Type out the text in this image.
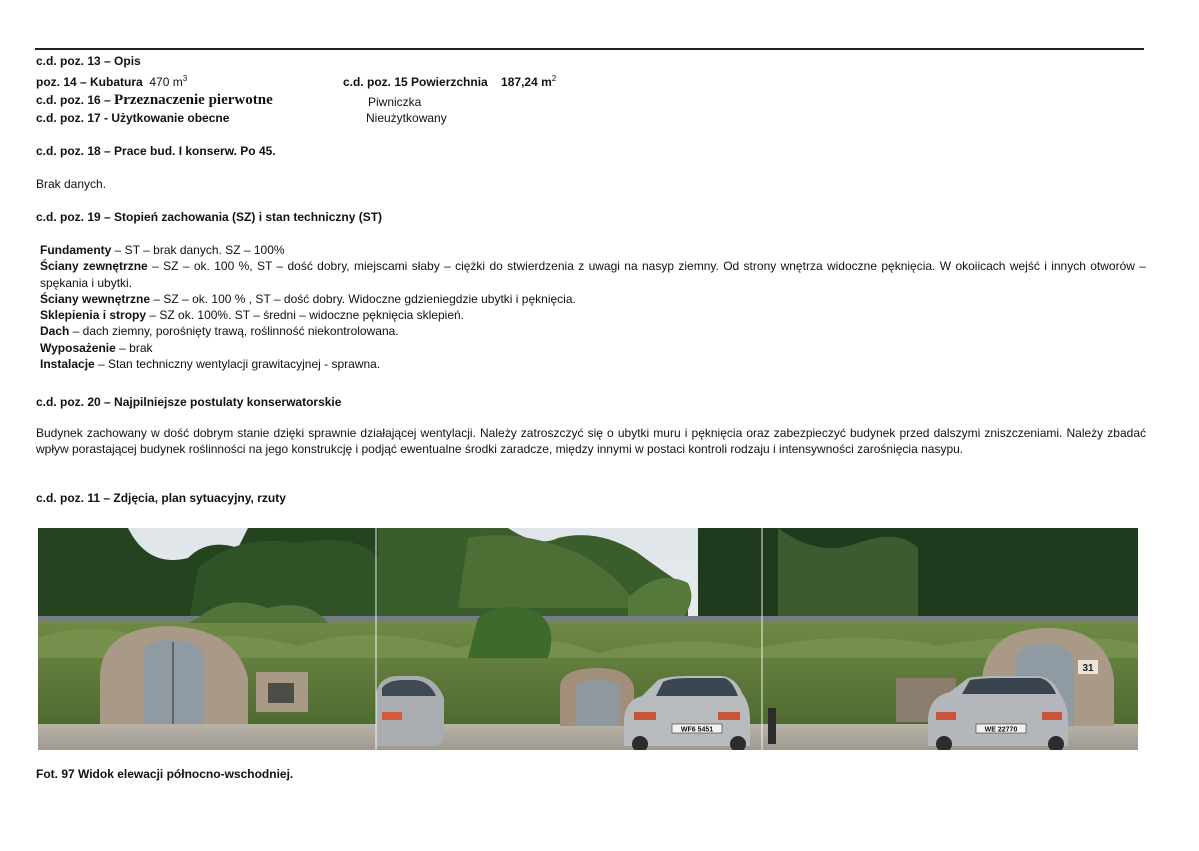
c.d. poz. 13 – Opis
poz. 14 – Kubatura 470 $m^3$	c.d. poz. 15 Powierzchnia 187,24 $m^2$
c.d. poz. 16 – Przeznaczenie pierwotne	Piwniczka
c.d. poz. 17 - Użytkowanie obecne	Nieużytkowany
c.d. poz. 18 – Prace bud. I konserw. Po 45.
Brak danych.
c.d. poz. 19 – Stopień zachowania (SZ) i stan techniczny (ST)
Fundamenty – ST – brak danych. SZ – 100%
Ściany zewnętrzne – SZ – ok. 100 %, ST – dość dobry, miejscami słaby – ciężki do stwierdzenia z uwagi na nasyp ziemny. Od strony wnętrza widoczne pęknięcia. W okoiicach wejść i innych otworów – spękania i ubytki.
Ściany wewnętrzne – SZ – ok. 100 % , ST – dość dobry. Widoczne gdzieniegdzie ubytki i pęknięcia.
Sklepienia i stropy – SZ ok. 100%. ST – średni – widoczne pęknięcia sklepień.
Dach – dach ziemny, porośnięty trawą, roślinność niekontrolowana.
Wyposażenie – brak
Instalacje – Stan techniczny wentylacji grawitacyjnej - sprawna.
c.d. poz. 20 – Najpilniejsze postulaty konserwatorskie
Budynek zachowany w dość dobrym stanie dzięki sprawnie działającej wentylacji. Należy zatroszczyć się o ubytki muru i pęknięcia oraz zabezpieczyć budynek przed dalszymi zniszczeniami. Należy zbadać wpływ porastającej budynek roślinności na jego konstrukcję i podjąć ewentualne środki zaradcze, między innymi w postaci kontroli rodzaju i intensywności zarośnięcia nasypu.
c.d. poz. 11 – Zdjęcia, plan sytuacyjny, rzuty
31
WF6 5451	WE 22770
Fot. 97 Widok elewacji północno-wschodniej.
